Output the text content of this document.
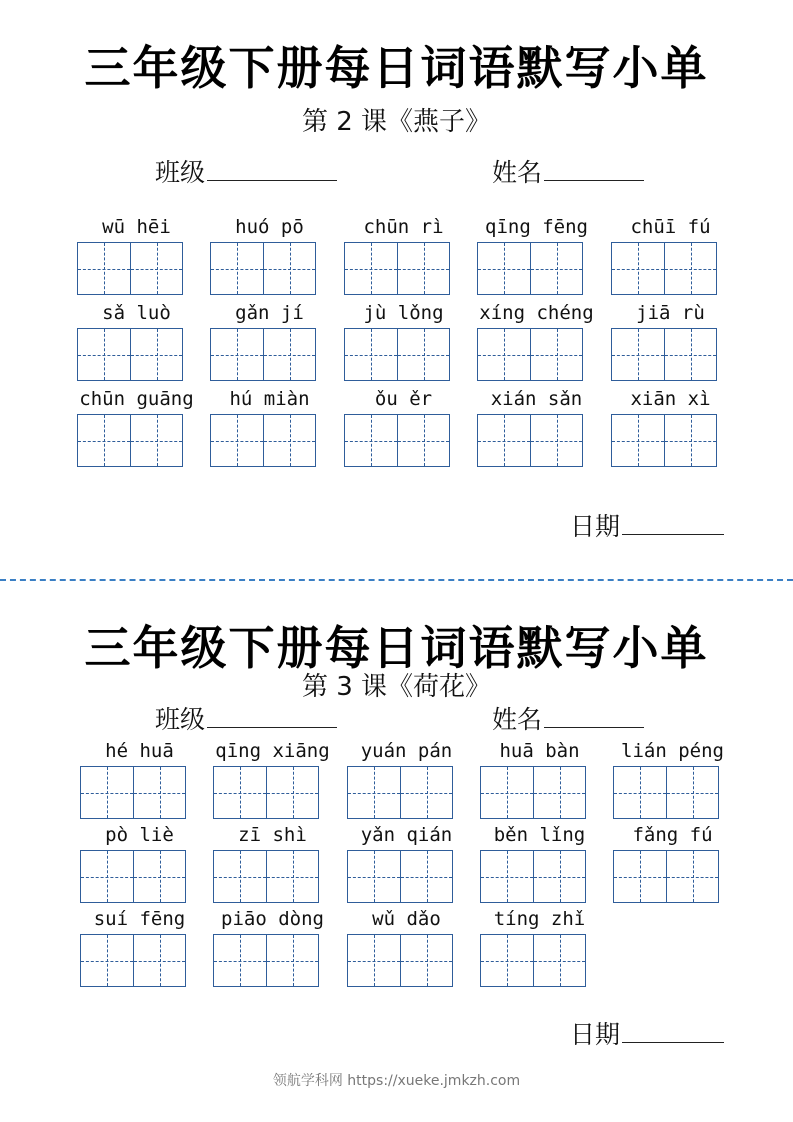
三年级下册每日词语默写小单
第 2 课《燕子》
班级	姓名
wū hēi	huó pō	chūn rì	qīng fēng	chūī fú
sǎ luò	gǎn jí	jù lǒng	xíng chéng	jiā rù
chūn guāng	hú miàn	ǒu ěr	xián sǎn	xiān xì
日期
三年级下册每日词语默写小单
第 3 课《荷花》
班级	姓名
hé huā	qīng xiāng	yuán pán	huā bàn	lián péng
pò liè	zī shì	yǎn qián	běn lǐng	fǎng fú
suí fēng	piāo dòng	wǔ dǎo	tíng zhǐ
日期
领航学科网 https://xueke.jmkzh.com
